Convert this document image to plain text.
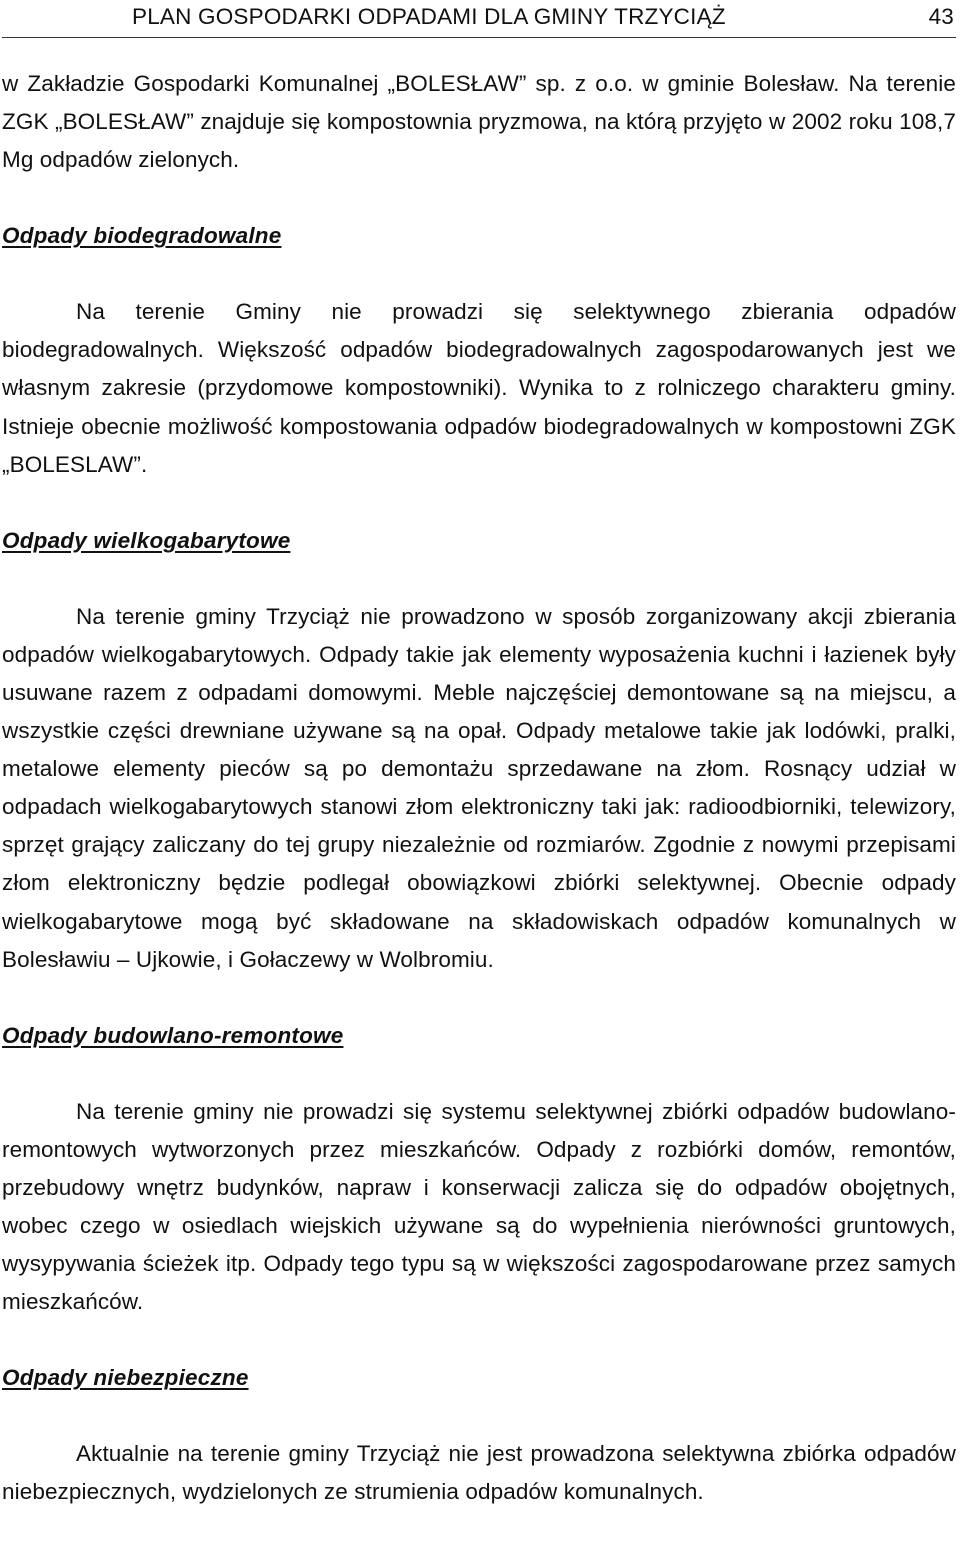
PLAN GOSPODARKI ODPADAMI DLA GMINY TRZYCIĄŻ	43

w Zakładzie Gospodarki Komunalnej „BOLESŁAW” sp. z o.o. w gminie Bolesław. Na terenie ZGK „BOLESŁAW” znajduje się kompostownia pryzmowa, na którą przyjęto w 2002 roku 108,7 Mg odpadów zielonych.

Odpady biodegradowalne

Na terenie Gminy nie prowadzi się selektywnego zbierania odpadów biodegradowalnych. Większość odpadów biodegradowalnych zagospodarowanych jest we własnym zakresie (przydomowe kompostowniki). Wynika to z rolniczego charakteru gminy. Istnieje obecnie możliwość kompostowania odpadów biodegradowalnych w kompostowni ZGK „BOLESLAW”.

Odpady wielkogabarytowe

Na terenie gminy Trzyciąż nie prowadzono w sposób zorganizowany akcji zbierania odpadów wielkogabarytowych. Odpady takie jak elementy wyposażenia kuchni i łazienek były usuwane razem z odpadami domowymi. Meble najczęściej demontowane są na miejscu, a wszystkie części drewniane używane są na opał. Odpady metalowe takie jak lodówki, pralki, metalowe elementy pieców są po demontażu sprzedawane na złom. Rosnący udział w odpadach wielkogabarytowych stanowi złom elektroniczny taki jak: radioodbiorniki, telewizory, sprzęt grający zaliczany do tej grupy niezależnie od rozmiarów. Zgodnie z nowymi przepisami złom elektroniczny będzie podlegał obowiązkowi zbiórki selektywnej. Obecnie odpady wielkogabarytowe mogą być składowane na składowiskach odpadów komunalnych w Bolesławiu – Ujkowie, i Gołaczewy w Wolbromiu.

Odpady budowlano-remontowe

Na terenie gminy nie prowadzi się systemu selektywnej zbiórki odpadów budowlano-remontowych wytworzonych przez mieszkańców. Odpady z rozbiórki domów, remontów, przebudowy wnętrz budynków, napraw i konserwacji zalicza się do odpadów obojętnych, wobec czego w osiedlach wiejskich używane są do wypełnienia nierówności gruntowych, wysypywania ścieżek itp. Odpady tego typu są w większości zagospodarowane przez samych mieszkańców.

Odpady niebezpieczne

Aktualnie na terenie gminy Trzyciąż nie jest prowadzona selektywna zbiórka odpadów niebezpiecznych, wydzielonych ze strumienia odpadów komunalnych.
